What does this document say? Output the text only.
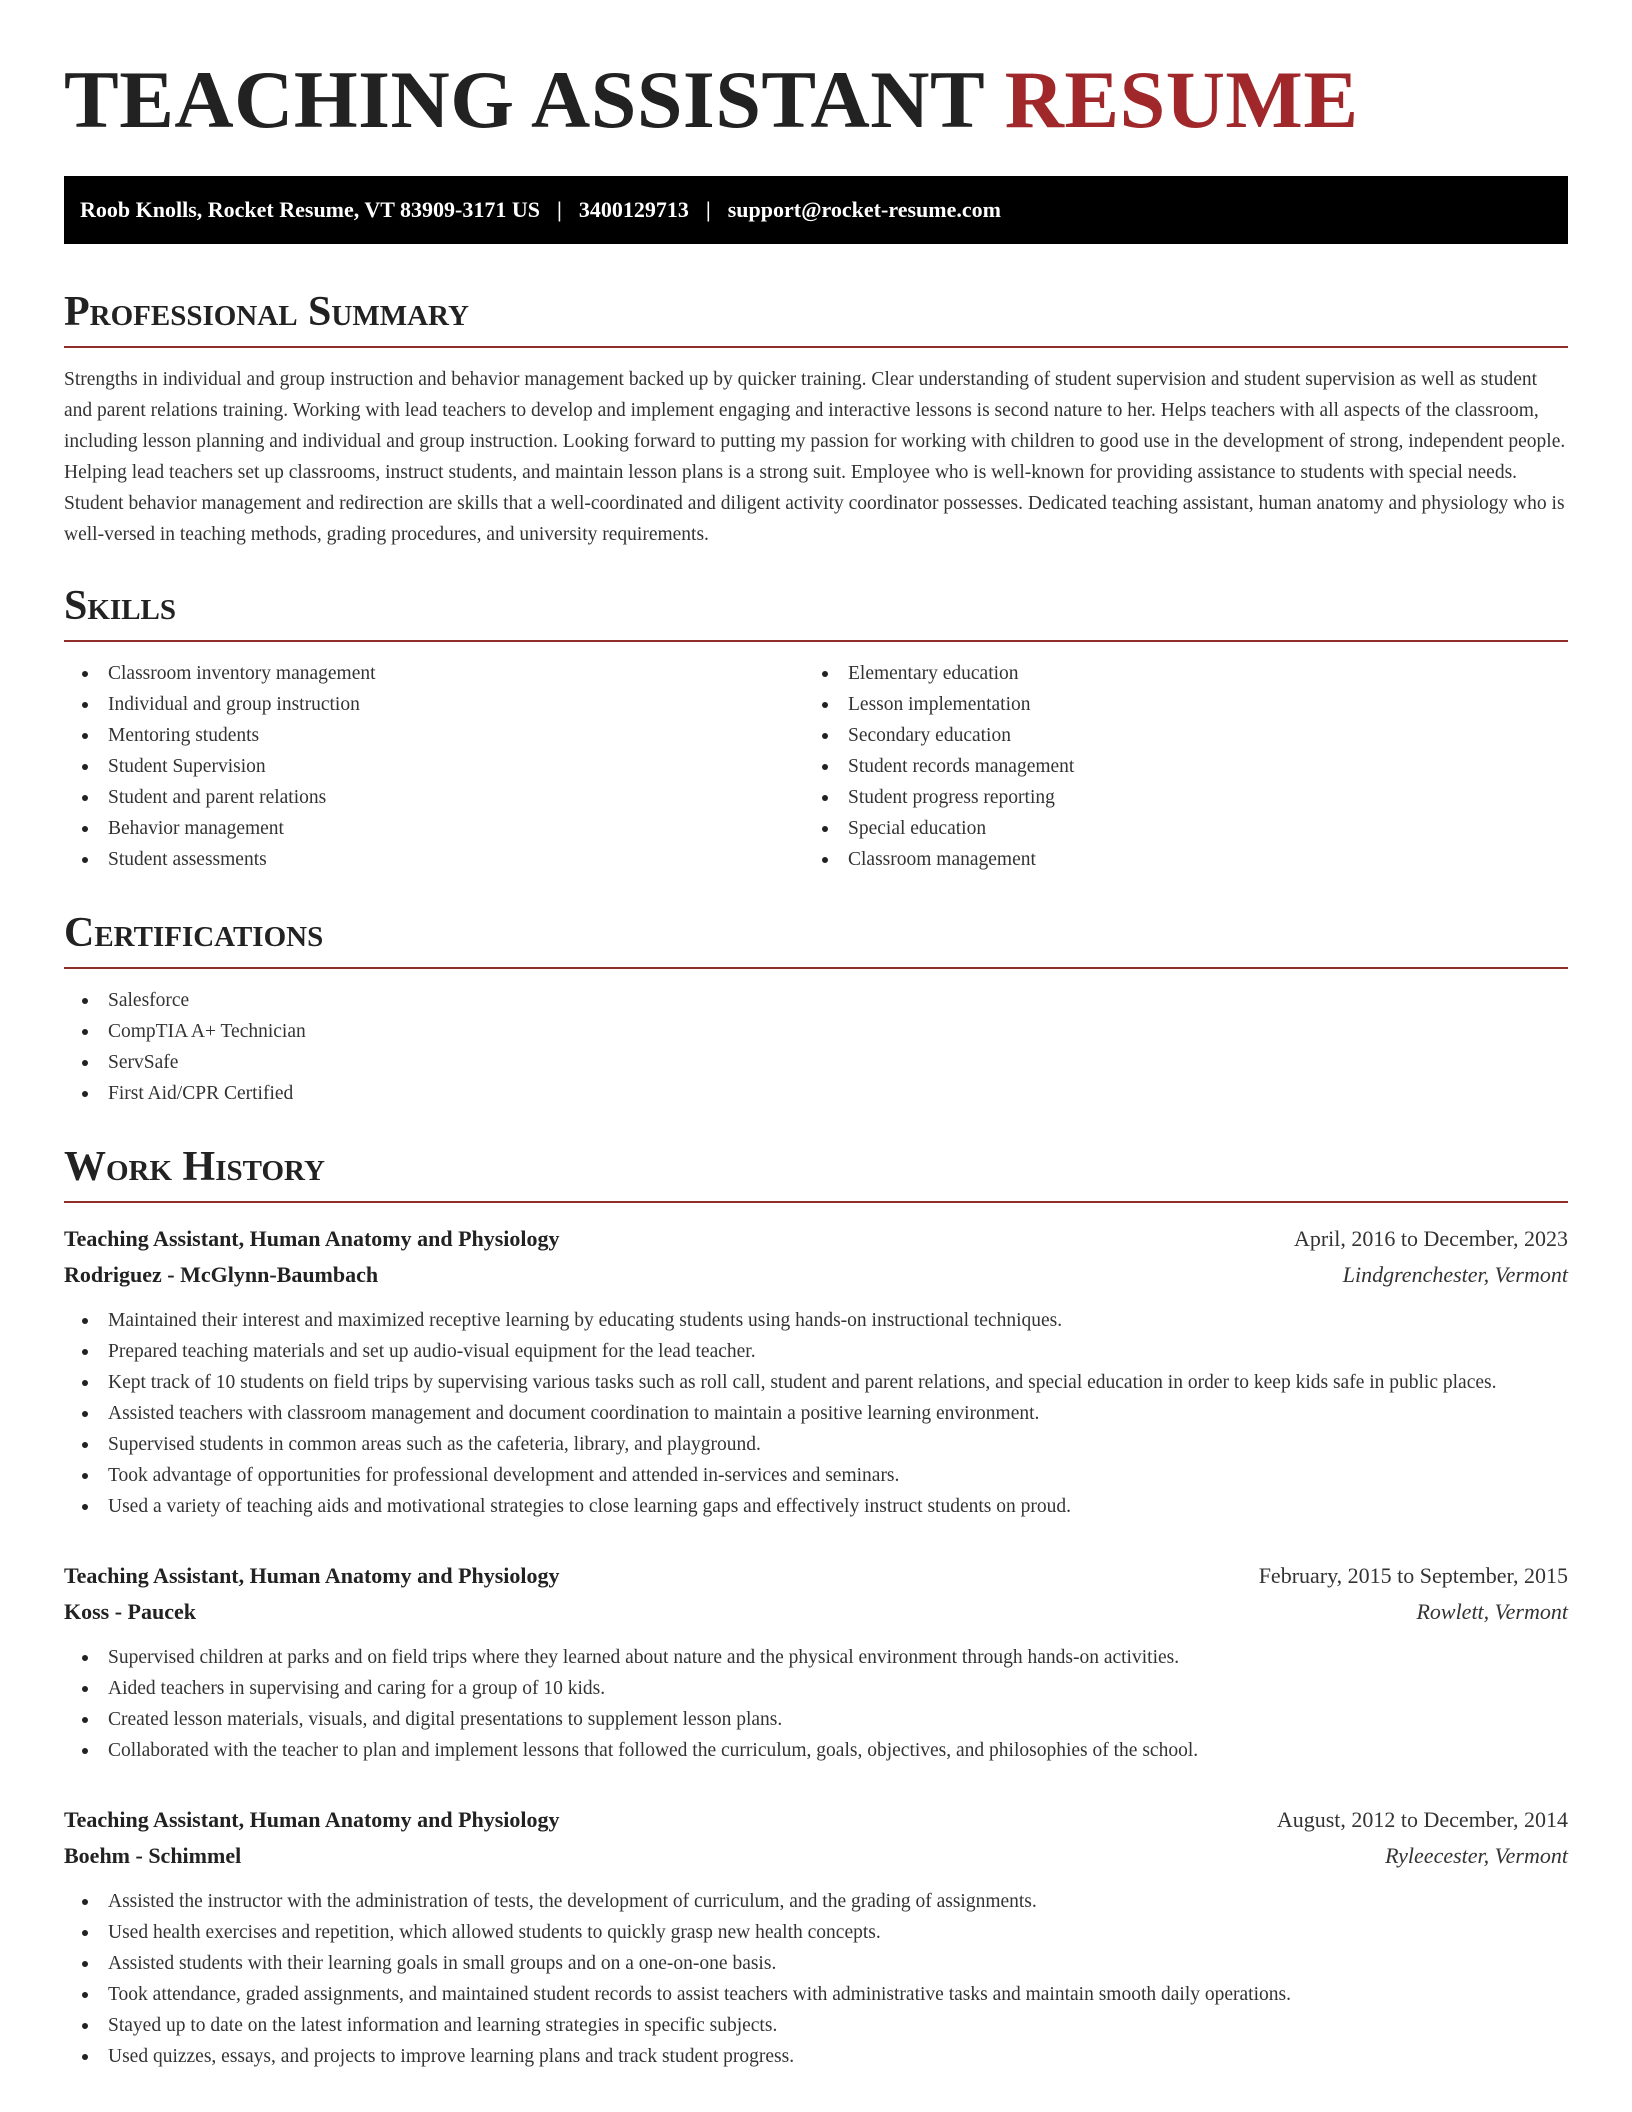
TEACHING ASSISTANT RESUME
Roob Knolls, Rocket Resume, VT 83909-3171 US | 3400129713 | support@rocket-resume.com
Professional Summary

Strengths in individual and group instruction and behavior management backed up by quicker training. Clear understanding of student supervision and student supervision as well as student and parent relations training. Working with lead teachers to develop and implement engaging and interactive lessons is second nature to her. Helps teachers with all aspects of the classroom, including lesson planning and individual and group instruction. Looking forward to putting my passion for working with children to good use in the development of strong, independent people. Helping lead teachers set up classrooms, instruct students, and maintain lesson plans is a strong suit. Employee who is well-known for providing assistance to students with special needs. Student behavior management and redirection are skills that a well-coordinated and diligent activity coordinator possesses. Dedicated teaching assistant, human anatomy and physiology who is well-versed in teaching methods, grading procedures, and university requirements.

Skills
Classroom inventory management
Individual and group instruction
Mentoring students
Student Supervision
Student and parent relations
Behavior management
Student assessments
Elementary education
Lesson implementation
Secondary education
Student records management
Student progress reporting
Special education
Classroom management
Certifications
Salesforce
CompTIA A+ Technician
ServSafe
First Aid/CPR Certified
Work History
Teaching Assistant, Human Anatomy and Physiology	April, 2016 to December, 2023
Rodriguez - McGlynn-Baumbach	Lindgrenchester, Vermont
Maintained their interest and maximized receptive learning by educating students using hands-on instructional techniques.
Prepared teaching materials and set up audio-visual equipment for the lead teacher.
Kept track of 10 students on field trips by supervising various tasks such as roll call, student and parent relations, and special education in order to keep kids safe in public places.
Assisted teachers with classroom management and document coordination to maintain a positive learning environment.
Supervised students in common areas such as the cafeteria, library, and playground.
Took advantage of opportunities for professional development and attended in-services and seminars.
Used a variety of teaching aids and motivational strategies to close learning gaps and effectively instruct students on proud.
Teaching Assistant, Human Anatomy and Physiology	February, 2015 to September, 2015
Koss - Paucek	Rowlett, Vermont
Supervised children at parks and on field trips where they learned about nature and the physical environment through hands-on activities.
Aided teachers in supervising and caring for a group of 10 kids.
Created lesson materials, visuals, and digital presentations to supplement lesson plans.
Collaborated with the teacher to plan and implement lessons that followed the curriculum, goals, objectives, and philosophies of the school.
Teaching Assistant, Human Anatomy and Physiology	August, 2012 to December, 2014
Boehm - Schimmel	Ryleecester, Vermont
Assisted the instructor with the administration of tests, the development of curriculum, and the grading of assignments.
Used health exercises and repetition, which allowed students to quickly grasp new health concepts.
Assisted students with their learning goals in small groups and on a one-on-one basis.
Took attendance, graded assignments, and maintained student records to assist teachers with administrative tasks and maintain smooth daily operations.
Stayed up to date on the latest information and learning strategies in specific subjects.
Used quizzes, essays, and projects to improve learning plans and track student progress.
